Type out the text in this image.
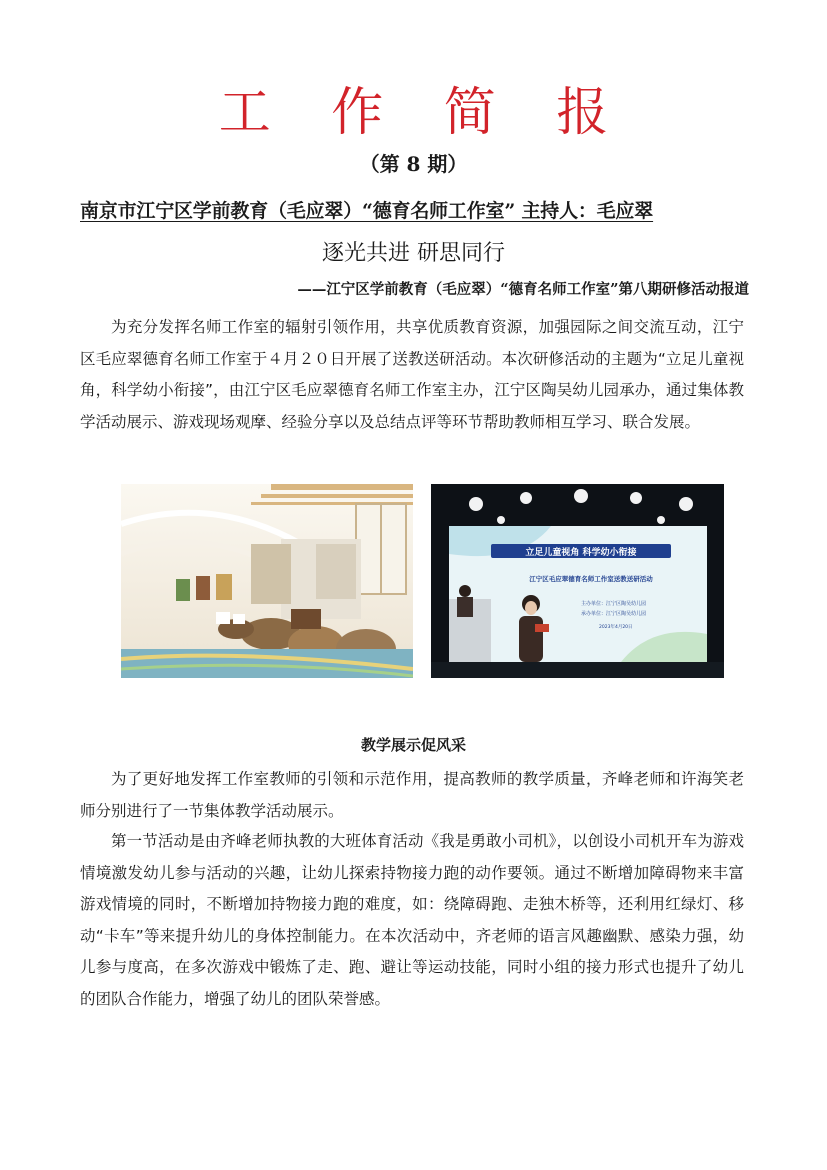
工 作 简 报
（第 8 期）
南京市江宁区学前教育（毛应翠）“德育名师工作室” 主持人：毛应翠
逐光共进 研思同行
——江宁区学前教育（毛应翠）“德育名师工作室”第八期研修活动报道

为充分发挥名师工作室的辐射引领作用，共享优质教育资源，加强园际之间交流互动，江宁区毛应翠德育名师工作室于４月２０日开展了送教送研活动。本次研修活动的主题为“立足儿童视角，科学幼小衔接”，由江宁区毛应翠德育名师工作室主办，江宁区陶吴幼儿园承办，通过集体教学活动展示、游戏现场观摩、经验分享以及总结点评等环节帮助教师相互学习、联合发展。

立足儿童视角 科学幼小衔接
江宁区毛应翠德育名师工作室送教送研活动
主办单位：江宁区陶吴幼儿园
承办单位：江宁区陶吴幼儿园
2023年4月20日
教学展示促风采

为了更好地发挥工作室教师的引领和示范作用，提高教师的教学质量，齐峰老师和许海笑老师分别进行了一节集体教学活动展示。

第一节活动是由齐峰老师执教的大班体育活动《我是勇敢小司机》，以创设小司机开车为游戏情境激发幼儿参与活动的兴趣，让幼儿探索持物接力跑的动作要领。通过不断增加障碍物来丰富游戏情境的同时，不断增加持物接力跑的难度，如：绕障碍跑、走独木桥等，还利用红绿灯、移动“卡车”等来提升幼儿的身体控制能力。在本次活动中，齐老师的语言风趣幽默、感染力强，幼儿参与度高，在多次游戏中锻炼了走、跑、避让等运动技能，同时小组的接力形式也提升了幼儿的团队合作能力，增强了幼儿的团队荣誉感。
